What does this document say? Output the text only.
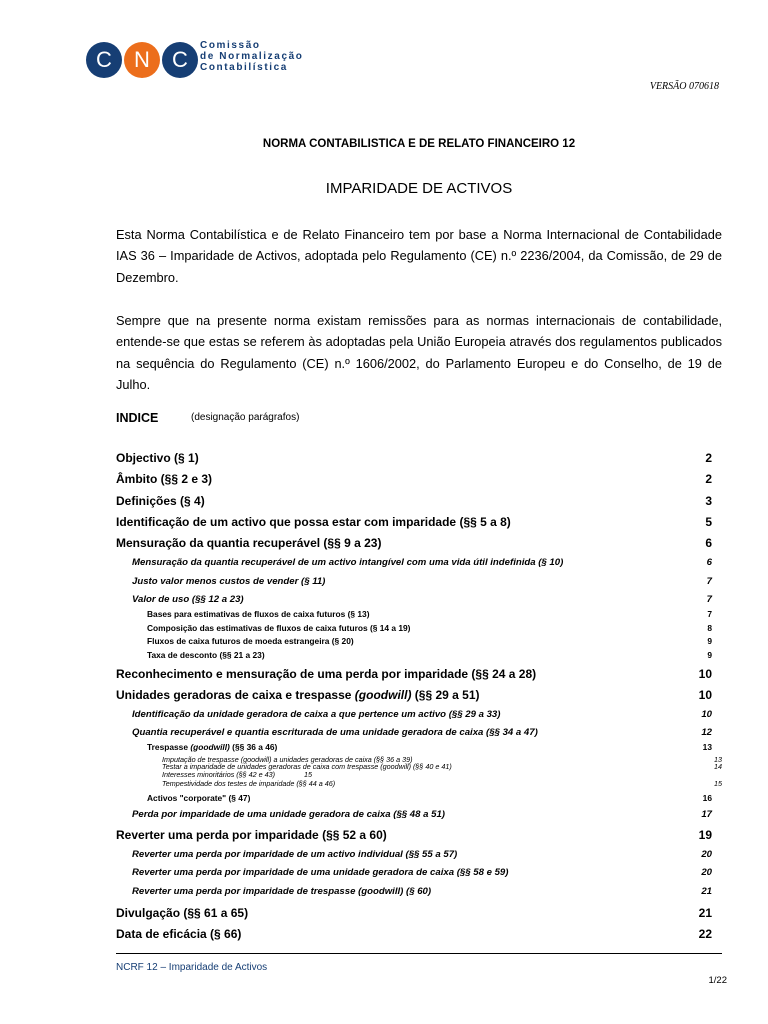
C	N	C
Comissão
de Normalização
Contabilística
VERSÃO 070618
NORMA CONTABILISTICA E DE RELATO FINANCEIRO 12
IMPARIDADE DE ACTIVOS
Esta Norma Contabilística e de Relato Financeiro tem por base a Norma Internacional de Contabilidade IAS 36 – Imparidade de Activos, adoptada pelo Regulamento (CE) n.º 2236/2004, da Comissão, de 29 de Dezembro.
Sempre que na presente norma existam remissões para as normas internacionais de contabilidade, entende-se que estas se referem às adoptadas pela União Europeia através dos regulamentos publicados na sequência do Regulamento (CE) n.º 1606/2002, do Parlamento Europeu e do Conselho, de 19 de Julho.
INDICE	(designação parágrafos)
Objectivo (§ 1)	2
Âmbito (§§ 2 e 3)	2
Definições (§ 4)	3
Identificação de um activo que possa estar com imparidade (§§ 5 a 8)	5
Mensuração da quantia recuperável (§§ 9 a 23)	6
Mensuração da quantia recuperável de um activo intangível com uma vida útil indefinida (§ 10)	6
Justo valor menos custos de vender (§ 11)	7
Valor de uso (§§ 12 a 23)	7
Bases para estimativas de fluxos de caixa futuros (§ 13)	7
Composição das estimativas de fluxos de caixa futuros (§ 14 a 19)	8
Fluxos de caixa futuros de moeda estrangeira (§ 20)	9
Taxa de desconto (§§ 21 a 23)	9
Reconhecimento e mensuração de uma perda por imparidade (§§ 24 a 28)	10
Unidades geradoras de caixa e trespasse (goodwill) (§§ 29 a 51)	10
Identificação da unidade geradora de caixa a que pertence um activo (§§ 29 a 33)	10
Quantia recuperável e quantia escriturada de uma unidade geradora de caixa (§§ 34 a 47)	12
Trespasse (goodwill) (§§ 36 a 46)	13
Imputação de trespasse (goodwill) a unidades geradoras de caixa (§§ 36 a 39)	13
Testar a imparidade de unidades geradoras de caixa com trespasse (goodwill) (§§ 40 e 41)	14
Interesses minoritários (§§ 42 e 43)	15
Tempestividade dos testes de imparidade (§§ 44 a 46)	15
Activos "corporate" (§ 47)	16
Perda por imparidade de uma unidade geradora de caixa (§§ 48 a 51)	17
Reverter uma perda por imparidade (§§ 52 a 60)	19
Reverter uma perda por imparidade de um activo individual (§§ 55 a 57)	20
Reverter uma perda por imparidade de uma unidade geradora de caixa (§§ 58 e 59)	20
Reverter uma perda por imparidade de trespasse (goodwill) (§ 60)	21
Divulgação (§§ 61 a 65)	21
Data de eficácia (§ 66)	22
NCRF 12 – Imparidade de Activos
1/22
